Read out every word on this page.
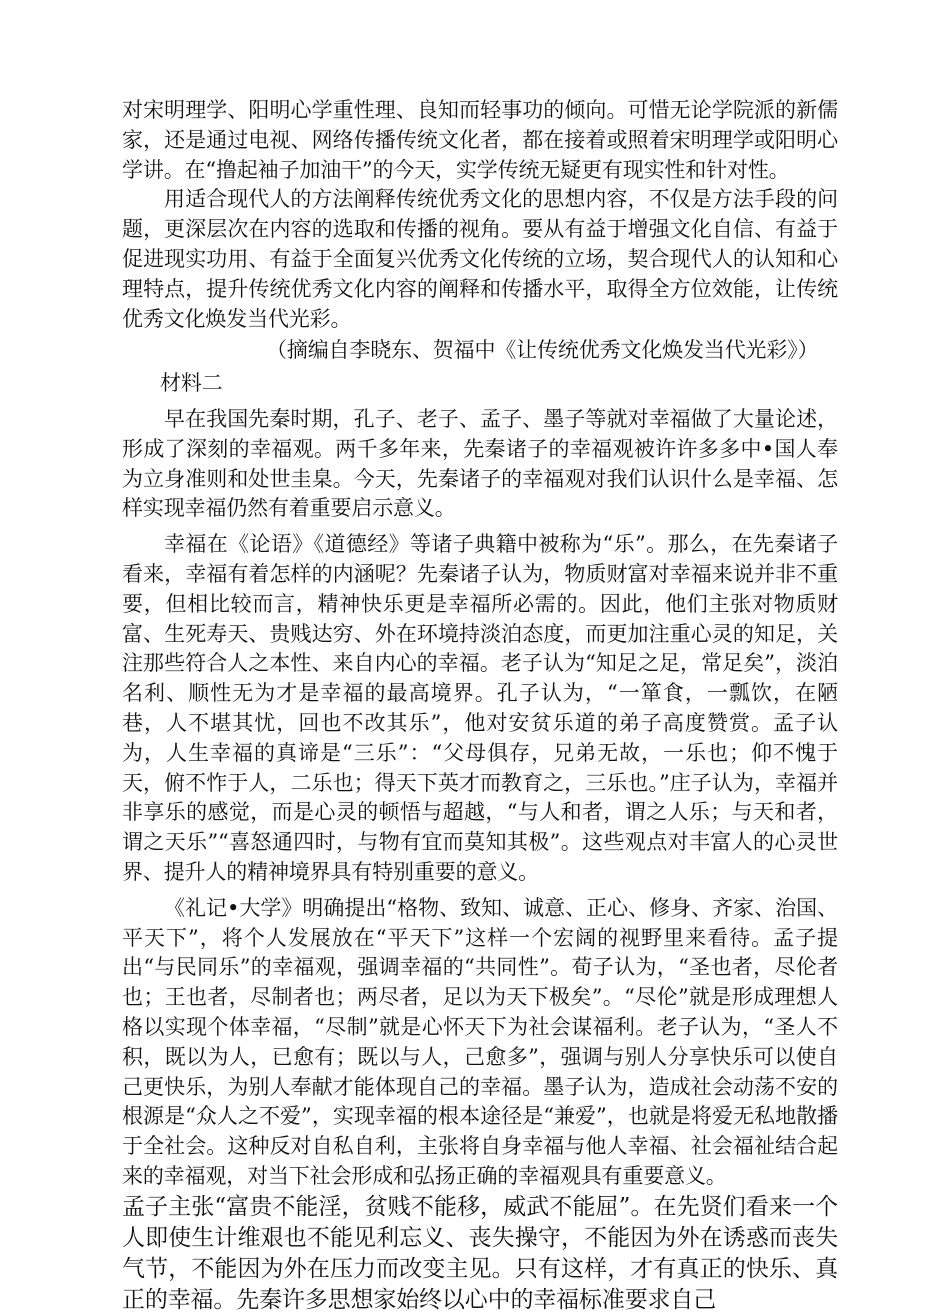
对宋明理学、阳明心学重性理、良知而轻事功的倾向。可惜无论学院派的新儒家，还是通过电视、网络传播传统文化者，都在接着或照着宋明理学或阳明心学讲。在“撸起袖子加油干”的今天，实学传统无疑更有现实性和针对性。

用适合现代人的方法阐释传统优秀文化的思想内容，不仅是方法手段的问题，更深层次在内容的选取和传播的视角。要从有益于增强文化自信、有益于促进现实功用、有益于全面复兴优秀文化传统的立场，契合现代人的认知和心理特点，提升传统优秀文化内容的阐释和传播水平，取得全方位效能，让传统优秀文化焕发当代光彩。

（摘编自李晓东、贺福中《让传统优秀文化焕发当代光彩》）

材料二

早在我国先秦时期，孔子、老子、孟子、墨子等就对幸福做了大量论述，形成了深刻的幸福观。两千多年来，先秦诸子的幸福观被许许多多中•国人奉为立身准则和处世圭臬。今天，先秦诸子的幸福观对我们认识什么是幸福、怎样实现幸福仍然有着重要启示意义。

幸福在《论语》《道德经》等诸子典籍中被称为“乐”。那么，在先秦诸子看来，幸福有着怎样的内涵呢？先秦诸子认为，物质财富对幸福来说并非不重要，但相比较而言，精神快乐更是幸福所必需的。因此，他们主张对物质财富、生死寿天、贵贱达穷、外在环境持淡泊态度，而更加注重心灵的知足，关注那些符合人之本性、来自内心的幸福。老子认为“知足之足，常足矣”，淡泊名利、顺性无为才是幸福的最高境界。孔子认为，“一箪食，一瓢饮，在陋巷，人不堪其忧，回也不改其乐”，他对安贫乐道的弟子高度赞赏。孟子认为，人生幸福的真谛是“三乐”：“父母俱存，兄弟无故，一乐也；仰不愧于天，俯不怍于人，二乐也；得天下英才而教育之，三乐也。”庄子认为，幸福并非享乐的感觉，而是心灵的顿悟与超越，“与人和者，谓之人乐；与天和者，谓之天乐”“喜怒通四时，与物有宜而莫知其极”。这些观点对丰富人的心灵世界、提升人的精神境界具有特别重要的意义。

《礼记•大学》明确提出“格物、致知、诚意、正心、修身、齐家、治国、平天下”，将个人发展放在“平天下”这样一个宏阔的视野里来看待。孟子提出“与民同乐”的幸福观，强调幸福的“共同性”。荀子认为，“圣也者，尽伦者也；王也者，尽制者也；两尽者，足以为天下极矣”。“尽伦”就是形成理想人格以实现个体幸福，“尽制”就是心怀天下为社会谋福利。老子认为，“圣人不积，既以为人，已愈有；既以与人，己愈多”，强调与别人分享快乐可以使自己更快乐，为别人奉献才能体现自己的幸福。墨子认为，造成社会动荡不安的根源是“众人之不爱”，实现幸福的根本途径是“兼爱”，也就是将爱无私地散播于全社会。这种反对自私自利，主张将自身幸福与他人幸福、社会福祉结合起来的幸福观，对当下社会形成和弘扬正确的幸福观具有重要意义。

孟子主张“富贵不能淫，贫贱不能移，威武不能屈”。在先贤们看来一个人即使生计维艰也不能见利忘义、丧失操守，不能因为外在诱惑而丧失气节，不能因为外在压力而改变主见。只有这样，才有真正的快乐、真正的幸福。先秦许多思想家始终以心中的幸福标准要求自己
